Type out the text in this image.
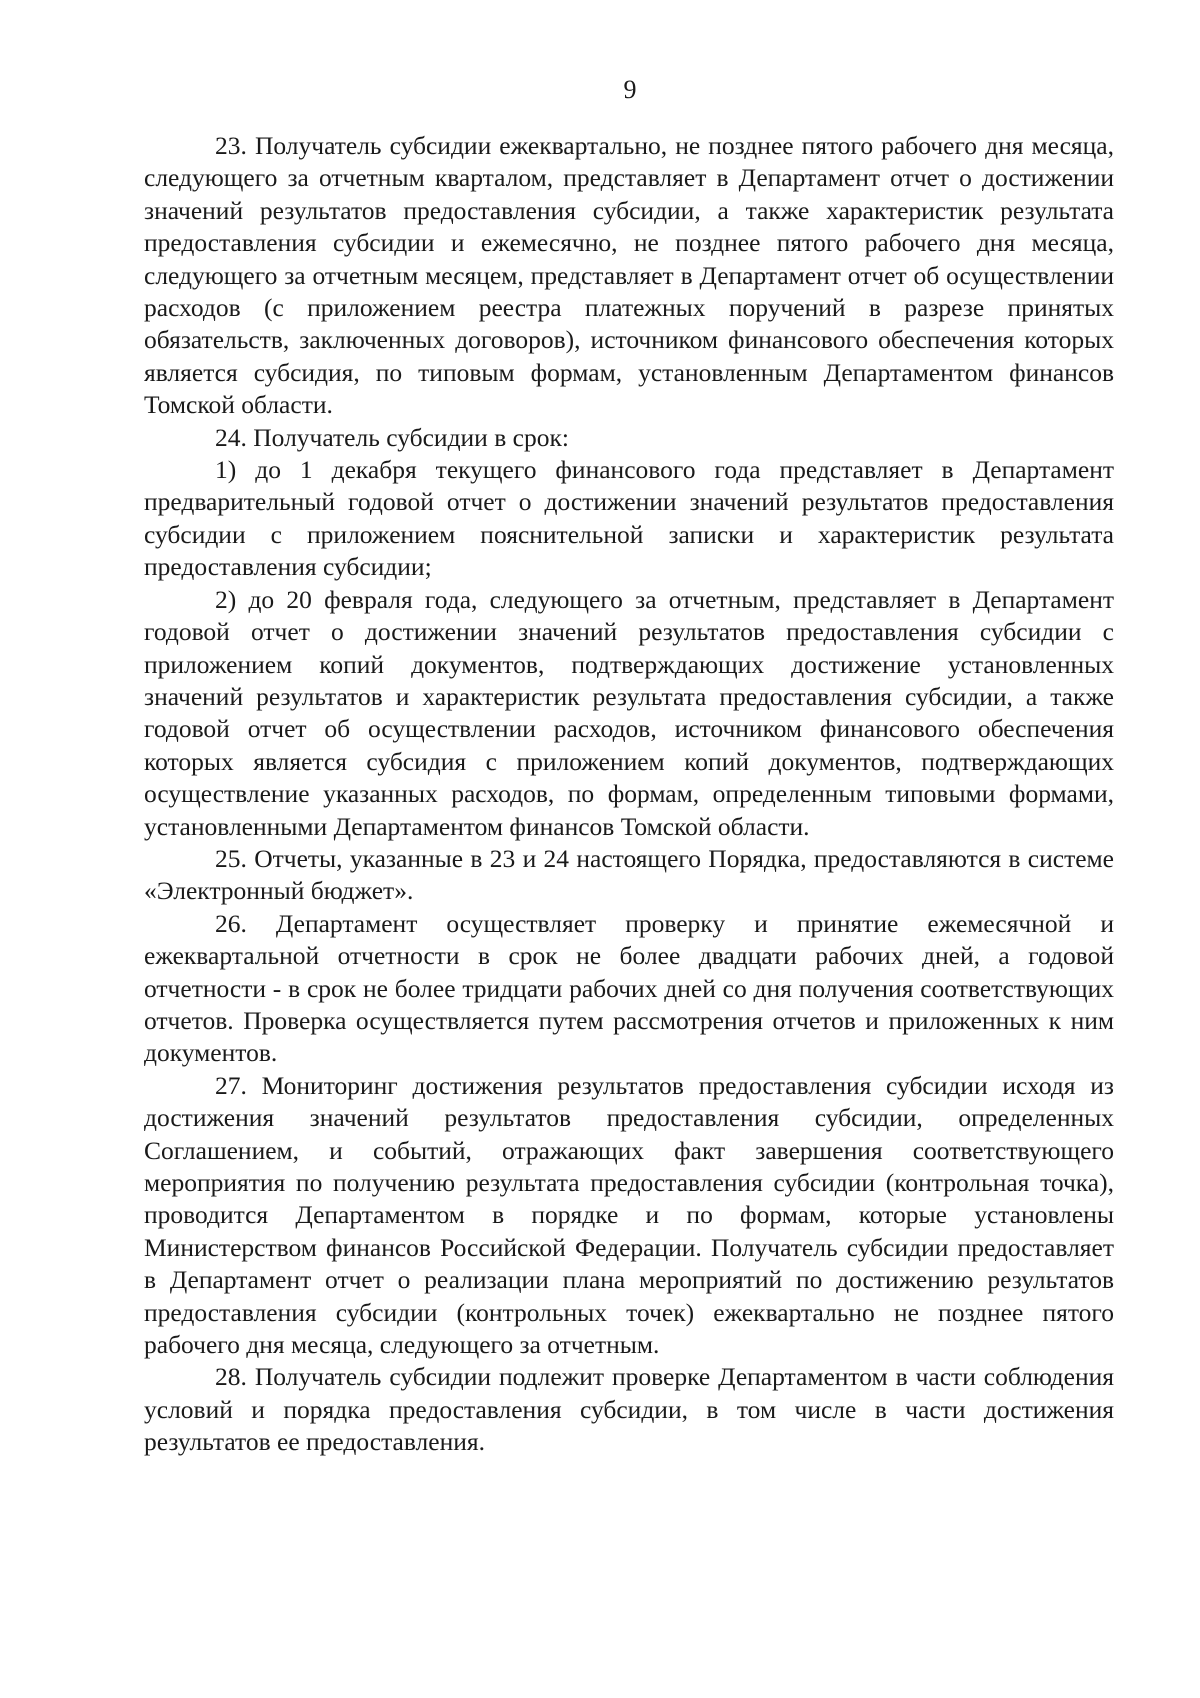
9

23. Получатель субсидии ежеквартально, не позднее пятого рабочего дня месяца, следующего за отчетным кварталом, представляет в Департамент отчет о достижении значений результатов предоставления субсидии, а также характеристик результата предоставления субсидии и ежемесячно, не позднее пятого рабочего дня месяца, следующего за отчетным месяцем, представляет в Департамент отчет об осуществлении расходов (с приложением реестра платежных поручений в разрезе принятых обязательств, заключенных договоров), источником финансового обеспечения которых является субсидия, по типовым формам, установленным Департаментом финансов Томской области.

24. Получатель субсидии в срок:

1) до 1 декабря текущего финансового года представляет в Департамент предварительный годовой отчет о достижении значений результатов предоставления субсидии с приложением пояснительной записки и характеристик результата предоставления субсидии;

2) до 20 февраля года, следующего за отчетным, представляет в Департамент годовой отчет о достижении значений результатов предоставления субсидии с приложением копий документов, подтверждающих достижение установленных значений результатов и характеристик результата предоставления субсидии, а также годовой отчет об осуществлении расходов, источником финансового обеспечения которых является субсидия с приложением копий документов, подтверждающих осуществление указанных расходов, по формам, определенным типовыми формами, установленными Департаментом финансов Томской области.

25. Отчеты, указанные в 23 и 24 настоящего Порядка, предоставляются в системе «Электронный бюджет».

26. Департамент осуществляет проверку и принятие ежемесячной и ежеквартальной отчетности в срок не более двадцати рабочих дней, а годовой отчетности - в срок не более тридцати рабочих дней со дня получения соответствующих отчетов. Проверка осуществляется путем рассмотрения отчетов и приложенных к ним документов.

27. Мониторинг достижения результатов предоставления субсидии исходя из достижения значений результатов предоставления субсидии, определенных Соглашением, и событий, отражающих факт завершения соответствующего мероприятия по получению результата предоставления субсидии (контрольная точка), проводится Департаментом в порядке и по формам, которые установлены Министерством финансов Российской Федерации. Получатель субсидии предоставляет в Департамент отчет о реализации плана мероприятий по достижению результатов предоставления субсидии (контрольных точек) ежеквартально не позднее пятого рабочего дня месяца, следующего за отчетным.

28. Получатель субсидии подлежит проверке Департаментом в части соблюдения условий и порядка предоставления субсидии, в том числе в части достижения результатов ее предоставления.
